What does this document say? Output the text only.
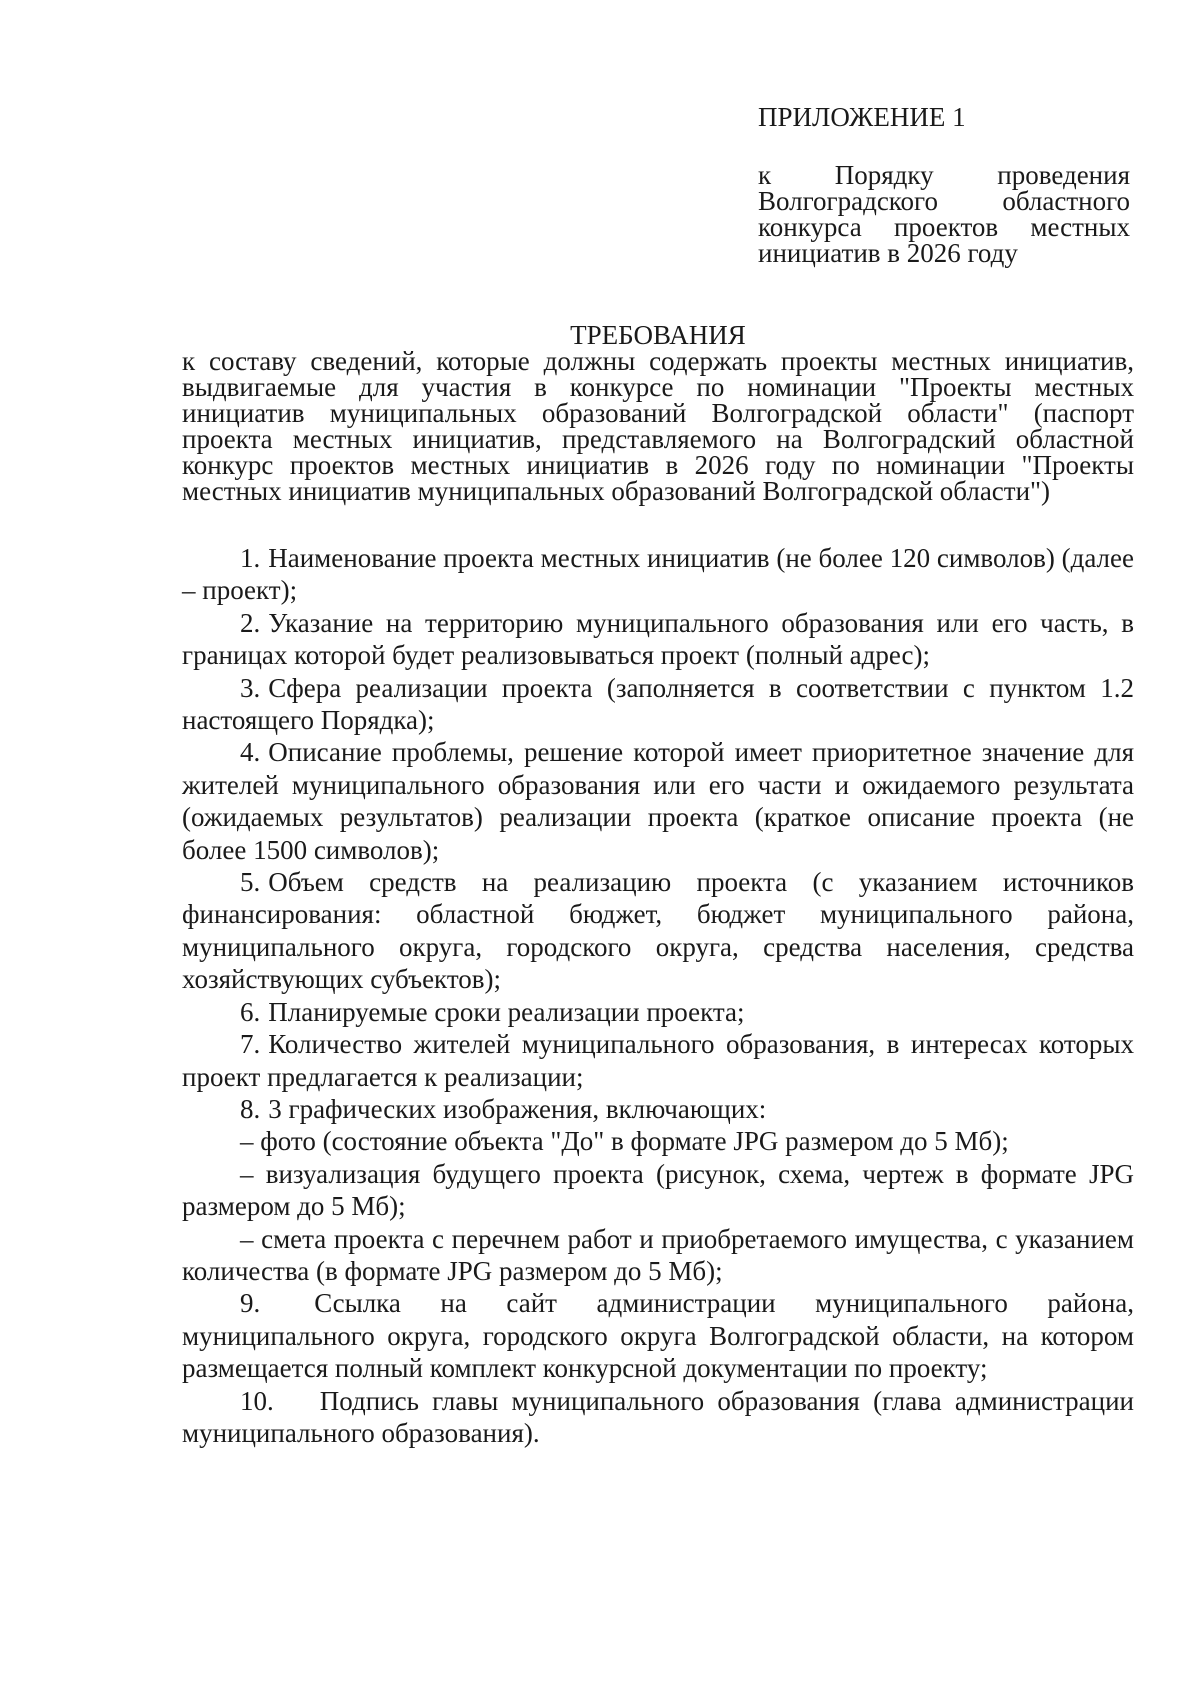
ПРИЛОЖЕНИЕ 1

к Порядку проведения Волгоградского областного конкурса проектов местных инициатив в 2026 году

ТРЕБОВАНИЯ

к составу сведений, которые должны содержать проекты местных инициатив, выдвигаемые для участия в конкурсе по номинации "Проекты местных инициатив муниципальных образований Волгоградской области" (паспорт проекта местных инициатив, представляемого на Волгоградский областной конкурс проектов местных инициатив в 2026 году по номинации "Проекты местных инициатив муниципальных образований Волгоградской области")

1. Наименование проекта местных инициатив (не более 120 символов) (далее – проект);

2. Указание на территорию муниципального образования или его часть, в границах которой будет реализовываться проект (полный адрес);

3. Сфера реализации проекта (заполняется в соответствии с пунктом 1.2 настоящего Порядка);

4. Описание проблемы, решение которой имеет приоритетное значение для жителей муниципального образования или его части и ожидаемого результата (ожидаемых результатов) реализации проекта (краткое описание проекта (не более 1500 символов);

5. Объем средств на реализацию проекта (с указанием источников финансирования: областной бюджет, бюджет муниципального района, муниципального округа, городского округа, средства населения, средства хозяйствующих субъектов);

6. Планируемые сроки реализации проекта;

7. Количество жителей муниципального образования, в интересах которых проект предлагается к реализации;

8. 3 графических изображения, включающих:

– фото (состояние объекта "До" в формате JPG размером до 5 Мб);

– визуализация будущего проекта (рисунок, схема, чертеж в формате JPG размером до 5 Мб);

– смета проекта с перечнем работ и приобретаемого имущества, с указанием количества (в формате JPG размером до 5 Мб);

9. Ссылка на сайт администрации муниципального района, муниципального округа, городского округа Волгоградской области, на котором размещается полный комплект конкурсной документации по проекту;

10. Подпись главы муниципального образования (глава администрации муниципального образования).
